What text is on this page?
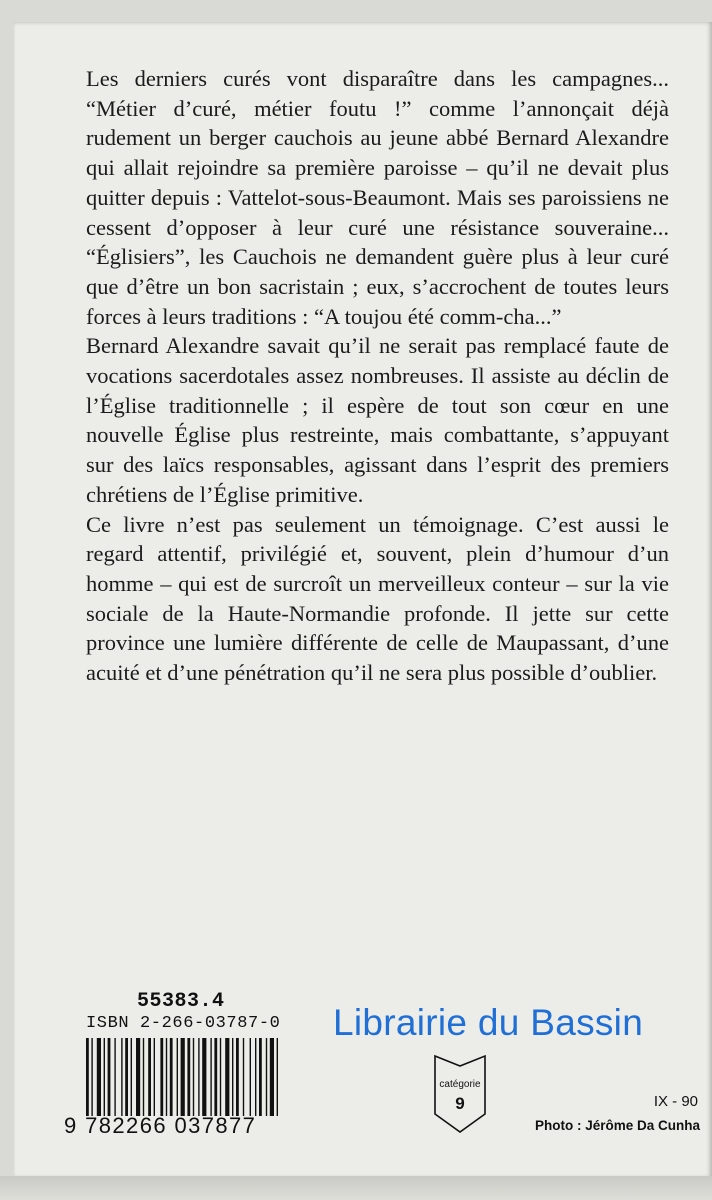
Les derniers curés vont disparaître dans les campagnes... “Métier d’curé, métier foutu !” comme l’annonçait déjà rudement un berger cauchois au jeune abbé Bernard Alexandre qui allait rejoindre sa première paroisse – qu’il ne devait plus quitter depuis : Vattelot-sous-Beaumont. Mais ses paroissiens ne cessent d’opposer à leur curé une résistance souveraine... “Églisiers”, les Cauchois ne demandent guère plus à leur curé que d’être un bon sacristain ; eux, s’accrochent de toutes leurs forces à leurs traditions : “A toujou été comm-cha...”

Bernard Alexandre savait qu’il ne serait pas remplacé faute de vocations sacerdotales assez nombreuses. Il assiste au déclin de l’Église traditionnelle ; il espère de tout son cœur en une nouvelle Église plus restreinte, mais combattante, s’appuyant sur des laïcs responsables, agissant dans l’esprit des premiers chrétiens de l’Église primitive.

Ce livre n’est pas seulement un témoignage. C’est aussi le regard attentif, privilégié et, souvent, plein d’humour d’un homme – qui est de surcroît un merveilleux conteur – sur la vie sociale de la Haute-Normandie profonde. Il jette sur cette province une lumière différente de celle de Maupassant, d’une acuité et d’une pénétration qu’il ne sera plus possible d’oublier.

55383.4
ISBN 2-266-03787-0
9 782266 037877
Librairie du Bassin
catégorie
9	IX - 90
Photo : Jérôme Da Cunha
